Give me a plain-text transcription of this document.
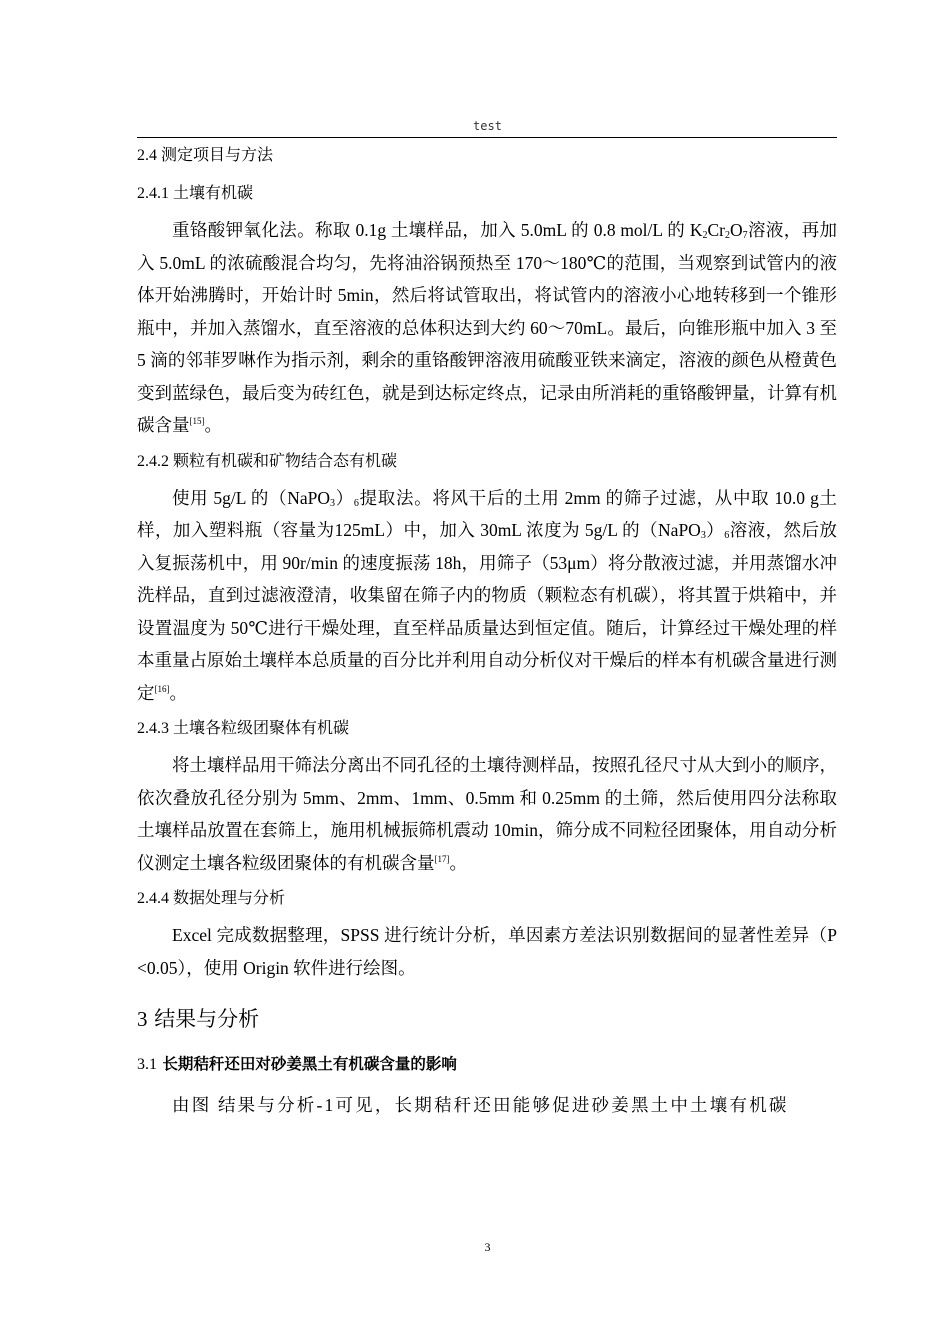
test

2.4 测定项目与方法

2.4.1 土壤有机碳

重铬酸钾氧化法。称取 0.1g 土壤样品，加入 5.0mL 的 0.8 mol/L 的 $K_2Cr_2O_7$溶液，再加入 5.0mL 的浓硫酸混合均匀，先将油浴锅预热至 170～180℃的范围，当观察到试管内的液体开始沸腾时，开始计时 5min，然后将试管取出，将试管内的溶液小心地转移到一个锥形瓶中，并加入蒸馏水，直至溶液的总体积达到大约 60～70mL。最后，向锥形瓶中加入 3 至 5 滴的邻菲罗啉作为指示剂，剩余的重铬酸钾溶液用硫酸亚铁来滴定，溶液的颜色从橙黄色变到蓝绿色，最后变为砖红色，就是到达标定终点，记录由所消耗的重铬酸钾量，计算有机碳含量[15]。

2.4.2 颗粒有机碳和矿物结合态有机碳

使用 5g/L 的$(NaPO_3)_6$提取法。将风干后的土用 2mm 的筛子过滤，从中取 10.0 g土样，加入塑料瓶（容量为125mL）中，加入 30mL 浓度为 5g/L 的$(NaPO_3)_6$溶液，然后放入复振荡机中，用 90r/min 的速度振荡 18h，用筛子（53μm）将分散液过滤，并用蒸馏水冲洗样品，直到过滤液澄清，收集留在筛子内的物质（颗粒态有机碳），将其置于烘箱中，并设置温度为 50℃进行干燥处理，直至样品质量达到恒定值。随后，计算经过干燥处理的样本重量占原始土壤样本总质量的百分比并利用自动分析仪对干燥后的样本有机碳含量进行测定[16]。

2.4.3 土壤各粒级团聚体有机碳

将土壤样品用干筛法分离出不同孔径的土壤待测样品，按照孔径尺寸从大到小的顺序，依次叠放孔径分别为 5mm、2mm、1mm、0.5mm 和 0.25mm 的土筛，然后使用四分法称取土壤样品放置在套筛上，施用机械振筛机震动 10min，筛分成不同粒径团聚体，用自动分析仪测定土壤各粒级团聚体的有机碳含量[17]。

2.4.4 数据处理与分析

Excel 完成数据整理，SPSS 进行统计分析，单因素方差法识别数据间的显著性差异（P<0.05），使用 Origin 软件进行绘图。

3 结果与分析

3.1 长期秸秆还田对砂姜黑土有机碳含量的影响

由图 结果与分析-1可见，长期秸秆还田能够促进砂姜黑土中土壤有机碳

3
